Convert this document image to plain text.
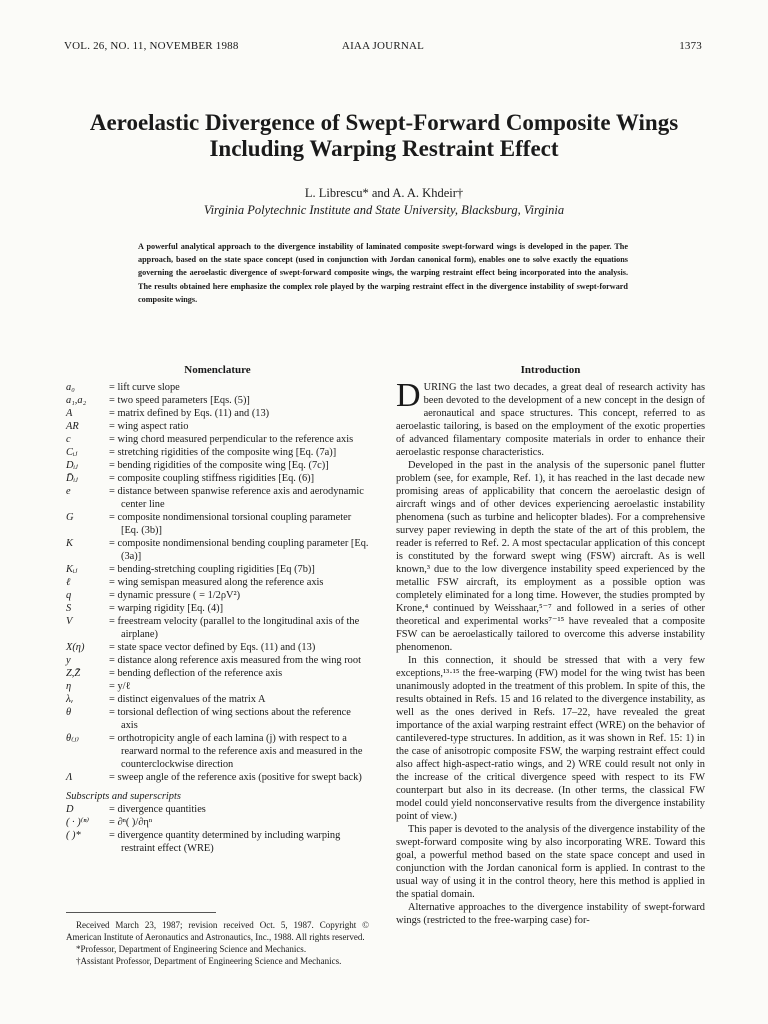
VOL. 26, NO. 11, NOVEMBER 1988	AIAA JOURNAL	1373
Aeroelastic Divergence of Swept-Forward Composite Wings
Including Warping Restraint Effect
L. Librescu* and A. A. Khdeir†
Virginia Polytechnic Institute and State University, Blacksburg, Virginia
A powerful analytical approach to the divergence instability of laminated composite swept-forward wings is developed in the paper. The approach, based on the state space concept (used in conjunction with Jordan canonical form), enables one to solve exactly the equations governing the aeroelastic divergence of swept-forward composite wings, the warping restraint effect being incorporated into the analysis. The results obtained here emphasize the complex role played by the warping restraint effect in the divergence instability of swept-forward composite wings.
Nomenclature
a₀	= lift curve slope
a₁,a₂	= two speed parameters [Eqs. (5)]
A	= matrix defined by Eqs. (11) and (13)
AR	= wing aspect ratio
c	= wing chord measured perpendicular to the reference axis
Cᵢⱼ	= stretching rigidities of the composite wing [Eq. (7a)]
Dᵢⱼ	= bending rigidities of the composite wing [Eq. (7c)]
D̄ᵢⱼ	= composite coupling stiffness rigidities [Eq. (6)]
e	= distance between spanwise reference axis and aerodynamic center line
G	= composite nondimensional torsional coupling parameter [Eq. (3b)]
K	= composite nondimensional bending coupling parameter [Eq. (3a)]
Kᵢⱼ	= bending-stretching coupling rigidities [Eq (7b)]
ℓ	= wing semispan measured along the reference axis
q	= dynamic pressure ( = 1/2ρV²)
S	= warping rigidity [Eq. (4)]
V	= freestream velocity (parallel to the longitudinal axis of the airplane)
X(η)	= state space vector defined by Eqs. (11) and (13)
y	= distance along reference axis measured from the wing root
Z,Z̄	= bending deflection of the reference axis
η	= y/ℓ
λᵥ	= distinct eigenvalues of the matrix A
θ	= torsional deflection of wing sections about the reference axis
θ₍ⱼ₎	= orthotropicity angle of each lamina (j) with respect to a rearward normal to the reference axis and measured in the counterclockwise direction
Λ	= sweep angle of the reference axis (positive for swept back)
Subscripts and superscripts
D	= divergence quantities
( · )⁽ⁿ⁾	= ∂ⁿ( )/∂ηⁿ
( )*	= divergence quantity determined by including warping restraint effect (WRE)

Received March 23, 1987; revision received Oct. 5, 1987. Copyright © American Institute of Aeronautics and Astronautics, Inc., 1988. All rights reserved.

*Professor, Department of Engineering Science and Mechanics.

†Assistant Professor, Department of Engineering Science and Mechanics.

Introduction

DURING the last two decades, a great deal of research activity has been devoted to the development of a new concept in the design of aeronautical and space structures. This concept, referred to as aeroelastic tailoring, is based on the employment of the exotic properties of advanced filamentary composite materials in order to enhance their aeroelastic response characteristics.

Developed in the past in the analysis of the supersonic panel flutter problem (see, for example, Ref. 1), it has reached in the last decade new promising areas of applicability that concern the aeroelastic design of aircraft wings and of other devices experiencing aeroelastic instability phenomena (such as turbine and helicopter blades). For a comprehensive survey paper reviewing in depth the state of the art of this problem, the reader is referred to Ref. 2. A most spectacular application of this concept is constituted by the forward swept wing (FSW) aircraft. As is well known,³ due to the low divergence instability speed experienced by the metallic FSW aircraft, its employment as a possible option was completely eliminated for a long time. However, the studies prompted by Krone,⁴ continued by Weisshaar,⁵⁻⁷ and followed in a series of other theoretical and experimental works⁷⁻¹⁵ have revealed that a composite FSW can be aeroelastically tailored to overcome this adverse instability phenomenon.

In this connection, it should be stressed that with a very few exceptions,¹³·¹⁵ the free-warping (FW) model for the wing twist has been unanimously adopted in the treatment of this problem. In spite of this, the results obtained in Refs. 15 and 16 related to the divergence instability, as well as the ones derived in Refs. 17–22, have revealed the great importance of the axial warping restraint effect (WRE) on the behavior of cantilevered-type structures. In addition, as it was shown in Ref. 15: 1) in the case of anisotropic composite FSW, the warping restraint effect could also affect high-aspect-ratio wings, and 2) WRE could result not only in the increase of the critical divergence speed with respect to its FW counterpart but also in its decrease. (In other terms, the classical FW model could yield nonconservative results from the divergence instability point of view.)

This paper is devoted to the analysis of the divergence instability of the swept-forward composite wing by also incorporating WRE. Toward this goal, a powerful method based on the state space concept and used in conjunction with the Jordan canonical form is applied. In contrast to the usual way of using it in the control theory, here this method is applied in the spatial domain.

Alternative approaches to the divergence instability of swept-forward wings (restricted to the free-warping case) for-
